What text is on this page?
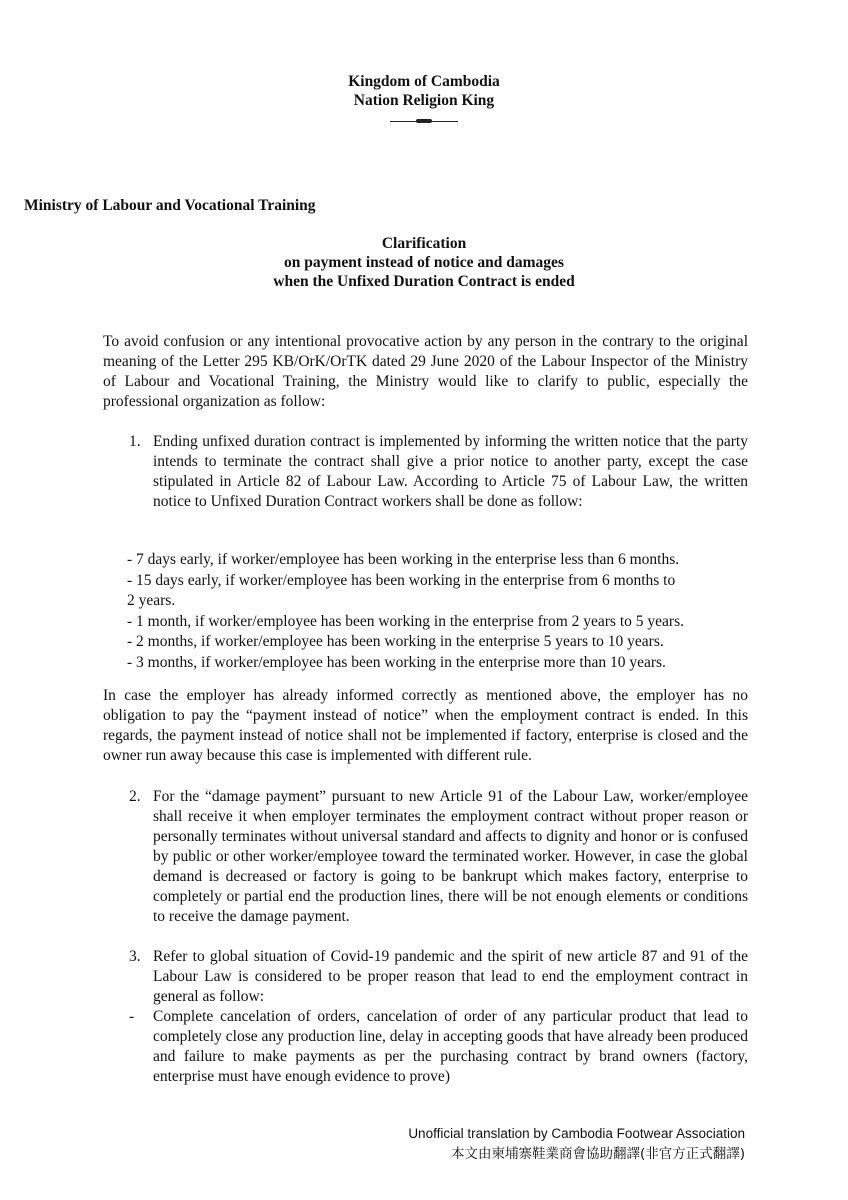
Kingdom of Cambodia
Nation Religion King
Ministry of Labour and Vocational Training
Clarification
on payment instead of notice and damages
when the Unfixed Duration Contract is ended
To avoid confusion or any intentional provocative action by any person in the contrary to the original meaning of the Letter 295 KB/OrK/OrTK dated 29 June 2020 of the Labour Inspector of the Ministry of Labour and Vocational Training, the Ministry would like to clarify to public, especially the professional organization as follow:
1. Ending unfixed duration contract is implemented by informing the written notice that the party intends to terminate the contract shall give a prior notice to another party, except the case stipulated in Article 82 of Labour Law. According to Article 75 of Labour Law, the written notice to Unfixed Duration Contract workers shall be done as follow:
- 7 days early, if worker/employee has been working in the enterprise less than 6 months.
- 15 days early, if worker/employee has been working in the enterprise from 6 months to
2 years.
- 1 month, if worker/employee has been working in the enterprise from 2 years to 5 years.
- 2 months, if worker/employee has been working in the enterprise 5 years to 10 years.
- 3 months, if worker/employee has been working in the enterprise more than 10 years.
In case the employer has already informed correctly as mentioned above, the employer has no obligation to pay the “payment instead of notice” when the employment contract is ended. In this regards, the payment instead of notice shall not be implemented if factory, enterprise is closed and the owner run away because this case is implemented with different rule.
2. For the “damage payment” pursuant to new Article 91 of the Labour Law, worker/employee shall receive it when employer terminates the employment contract without proper reason or personally terminates without universal standard and affects to dignity and honor or is confused by public or other worker/employee toward the terminated worker. However, in case the global demand is decreased or factory is going to be bankrupt which makes factory, enterprise to completely or partial end the production lines, there will be not enough elements or conditions to receive the damage payment.
3. Refer to global situation of Covid-19 pandemic and the spirit of new article 87 and 91 of the Labour Law is considered to be proper reason that lead to end the employment contract in general as follow:
- Complete cancelation of orders, cancelation of order of any particular product that lead to completely close any production line, delay in accepting goods that have already been produced and failure to make payments as per the purchasing contract by brand owners (factory, enterprise must have enough evidence to prove)
Unofficial translation by Cambodia Footwear Association
本文由柬埔寨鞋業商會協助翻譯(非官方正式翻譯)
